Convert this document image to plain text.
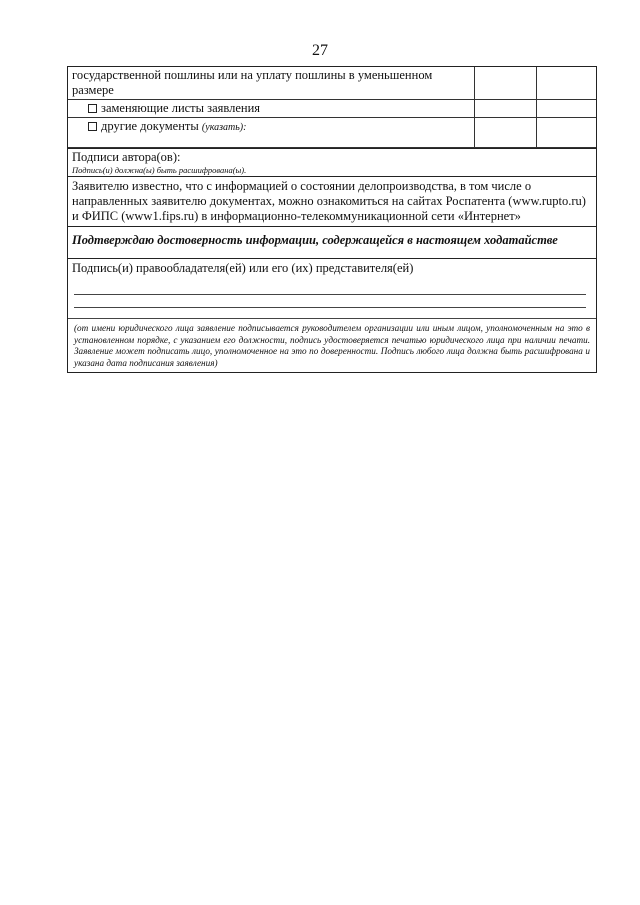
27
государственной пошлины или на уплату пошлины в уменьшенном размере
заменяющие листы заявления
другие документы (указать):
Подписи автора(ов):
Подпись(и) должна(ы) быть расшифрована(ы).
Заявителю известно, что с информацией о состоянии делопроизводства, в том числе о направленных заявителю документах, можно ознакомиться на сайтах Роспатента (www.rupto.ru) и ФИПС (www1.fips.ru) в информационно-телекоммуникационной сети «Интернет»
Подтверждаю достоверность информации, содержащейся в настоящем ходатайстве
Подпись(и) правообладателя(ей) или его (их) представителя(ей)
(от имени юридического лица заявление подписывается руководителем организации или иным лицом, уполномоченным на это в установленном порядке, с указанием его должности, подпись удостоверяется печатью юридического лица при наличии печати. Заявление может подписать лицо, уполномоченное на это по доверенности. Подпись любого лица должна быть расшифрована и указана дата подписания заявления)
